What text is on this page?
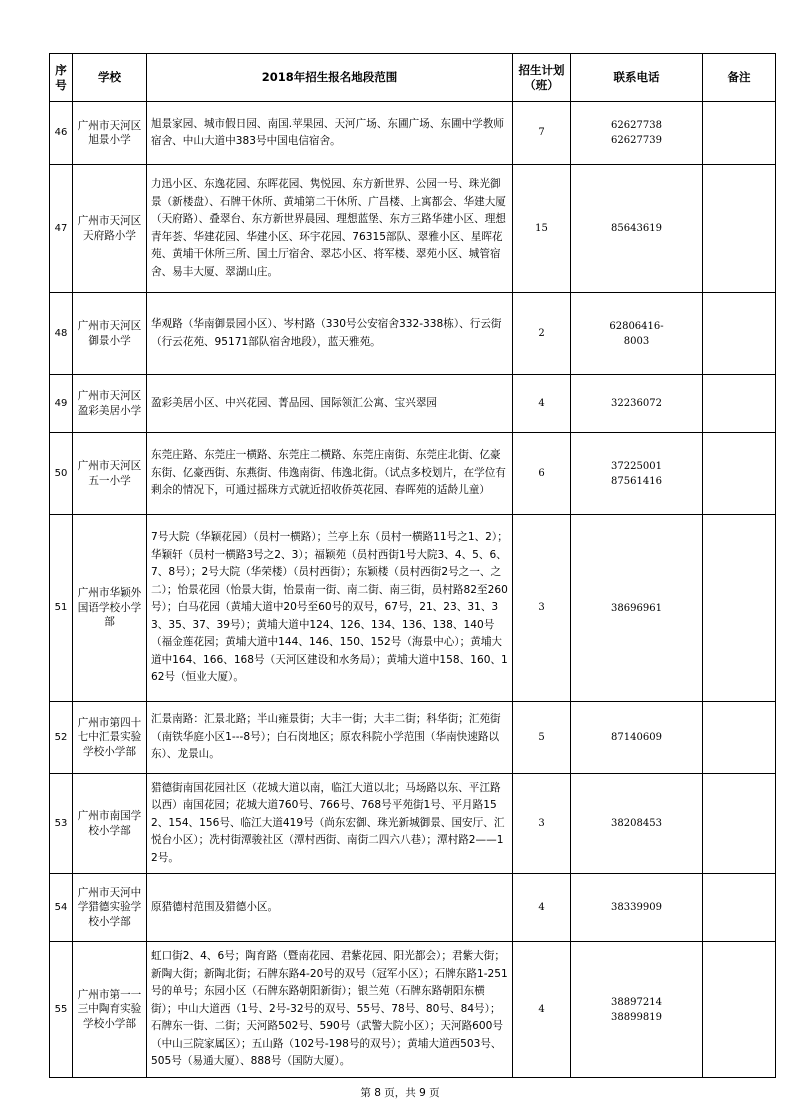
序号	学校	2018年招生报名地段范围	招生计划（班）	联系电话	备注
46	广州市天河区旭景小学	旭景家园、城市假日园、南国.苹果园、天河广场、东圃广场、东圃中学教师宿舍、中山大道中383号中国电信宿舍。	7	62627738
62627739	
47	广州市天河区天府路小学	力迅小区、东逸花园、东晖花园、隽悦园、东方新世界、公园一号、珠光御景（新楼盘）、石牌干休所、黄埔第二干休所、广昌楼、上寓都会、华建大厦（天府路）、叠翠台、东方新世界晨园、理想蓝堡、东方三路华建小区、理想青年荟、华建花园、华建小区、环宇花园、76315部队、翠雅小区、星晖花苑、黄埔干休所三所、国土厅宿舍、翠芯小区、将军楼、翠苑小区、城管宿舍、易丰大厦、翠湖山庄。	15	85643619	
48	广州市天河区御景小学	华观路（华南御景园小区）、岑村路（330号公安宿舍332-338栋）、行云街（行云花苑、95171部队宿舍地段），蓝天雅苑。	2	62806416-
8003	
49	广州市天河区盈彩美居小学	盈彩美居小区、中兴花园、菁品园、国际领汇公寓、宝兴翠园	4	32236072	
50	广州市天河区五一小学	东莞庄路、东莞庄一横路、东莞庄二横路、东莞庄南街、东莞庄北街、亿豪东街、亿豪西街、东燕街、伟逸南街、伟逸北街。（试点多校划片，在学位有剩余的情况下，可通过摇珠方式就近招收侨英花园、春晖苑的适龄儿童）	6	37225001
87561416	
51	广州市华颖外国语学校小学部	7号大院（华颖花园）（员村一横路）；兰亭上东（员村一横路11号之1、2）；华颖轩（员村一横路3号之2、3）；福颖苑（员村西街1号大院3、4、5、6、7、8号）；2号大院（华荣楼）（员村西街）；东颖楼（员村西街2号之一、之二）；怡景花园（怡景大街，怡景南一街、南二街、南三街，员村路82至260号）；白马花园（黄埔大道中20号至60号的双号，67号，21、23、31、33、35、37、39号）；黄埔大道中124、126、134、136、138、140号（福金莲花园；黄埔大道中144、146、150、152号（海景中心）；黄埔大道中164、166、168号（天河区建设和水务局）；黄埔大道中158、160、162号（恒业大厦）。	3	38696961	
52	广州市第四十七中汇景实验学校小学部	汇景南路：汇景北路；半山雍景街；大丰一街；大丰二街；科华街；汇苑街（南铁华庭小区1---8号）；白石岗地区；原农科院小学范围（华南快速路以东）、龙景山。	5	87140609	
53	广州市南国学校小学部	猎德街南国花园社区（花城大道以南，临江大道以北；马场路以东、平江路以西）南国花园；花城大道760号、766号、768号平苑街1号、平月路152、154、156号、临江大道419号（尚东宏御、珠光新城御景、国安厅、汇悦台小区）；冼村街潭骏社区（潭村西街、南街二四六八巷）；潭村路2——12号。	3	38208453	
54	广州市天河中学猎德实验学校小学部	原猎德村范围及猎德小区。	4	38339909	
55	广州市第一一三中陶育实验学校小学部	虹口街2、4、6号；陶育路（暨南花园、君紫花园、阳光都会）；君紫大街；新陶大街；新陶北街；石牌东路4-20号的双号（冠军小区）；石牌东路1-251号的单号；东园小区（石牌东路朝阳新街）；银兰苑（石牌东路朝阳东横街）；中山大道西（1号、2号-32号的双号、55号、78号、80号、84号）；石牌东一街、二街；天河路502号、590号（武警大院小区）；天河路600号（中山三院家属区）；五山路（102号-198号的双号）；黄埔大道西503号、505号（易通大厦）、888号（国防大厦）。	4	38897214
38899819	
第 8 页，共 9 页
